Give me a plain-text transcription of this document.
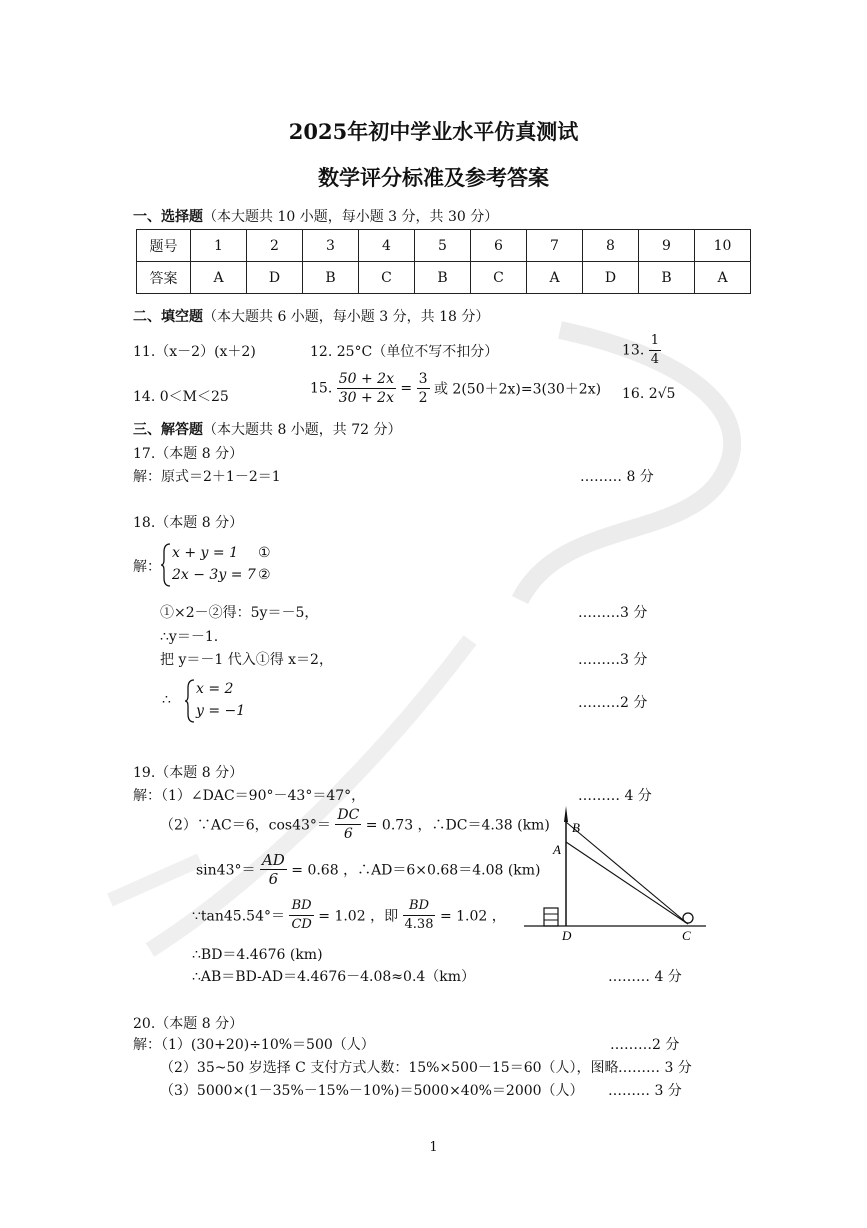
2025年初中学业水平仿真测试
数学评分标准及参考答案
一、选择题（本大题共 10 小题，每小题 3 分，共 30 分）
题号	1	2	3	4	5	6	7	8	9	10
答案	A	D	B	C	B	C	A	D	B	A
二、填空题（本大题共 6 小题，每小题 3 分，共 18 分）
11.（x－2）(x＋2)	12. 25°C（单位不写不扣分）	13. $\frac{1}{4}$
14. 0＜M＜25
15. $\frac{50 + 2x}{30 + 2x} = \frac{3}{2}$ 或 2(50＋2x)=3(30＋2x) 16. 2√5
三、解答题（本大题共 8 小题，共 72 分）
17.（本题 8 分）
解：原式＝2＋1－2＝1	……… 8 分
18.（本题 8 分）
解：
x + y = 1
2x − 3y = 7
①
②
①×2－②得：5y＝－5，	………3 分
∴y＝－1.
把 y＝－1 代入①得 x＝2，	………3 分
∴
x = 2
y = −1	………2 分
19.（本题 8 分）
解：（1）∠DAC＝90°－43°＝47°，	……… 4 分
（2）∵AC＝6，$\cos 43^\circ= \frac{DC}{6} = 0.73$ ，∴DC＝4.38 (km)
$\sin 43^\circ= \frac{AD}{6} = 0.68$ ，∴AD＝6×0.68＝4.08 (km)
∵tan45.54°＝ $\frac{BD}{CD} = 1.02$ ，即 $\frac{BD}{4.38} = 1.02$ ，
∴BD＝4.4676 (km)
∴AB＝BD-AD＝4.4676－4.08≈0.4（km）	……… 4 分
B
A
D	C
20.（本题 8 分）
解：（1）(30+20)÷10%＝500（人）	………2 分
（2）35~50 岁选择 C 支付方式人数：15%×500－15＝60（人），图略 ……… 3 分
（3）5000×(1－35%－15%－10%)＝5000×40%＝2000（人） ……… 3 分
1
